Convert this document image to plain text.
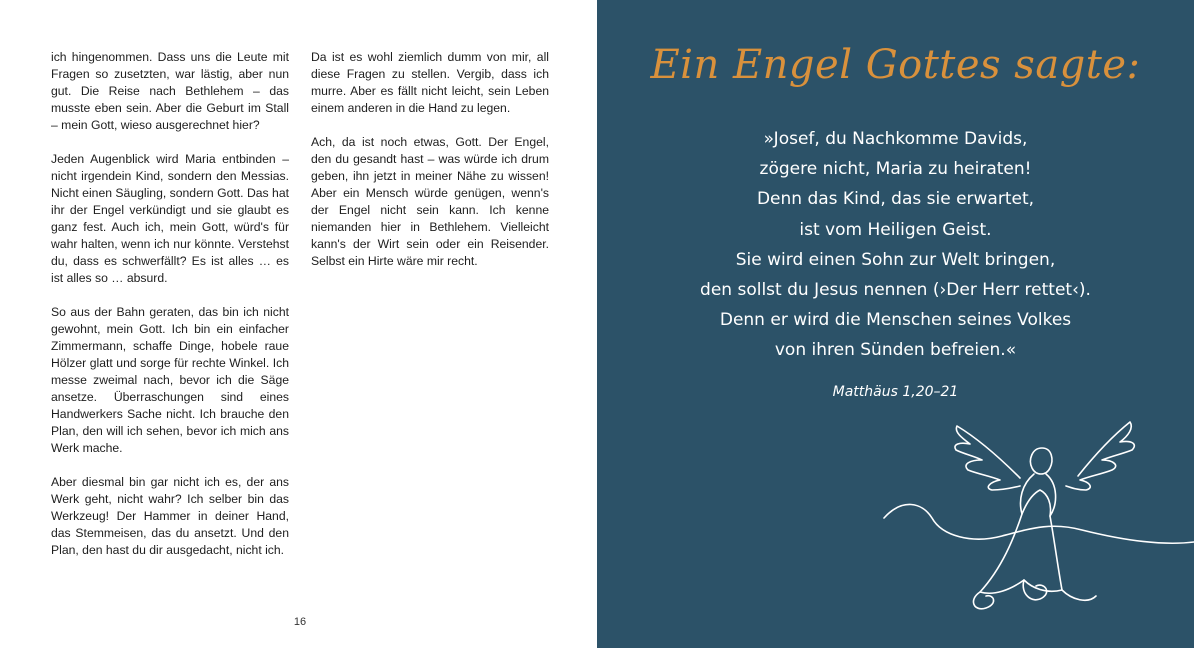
ich hingenommen. Dass uns die Leute mit Fragen so zusetzten, war lästig, aber nun gut. Die Reise nach Bethlehem – das musste eben sein. Aber die Geburt im Stall – mein Gott, wieso ausgerechnet hier?

Jeden Augenblick wird Maria entbinden – nicht irgendein Kind, sondern den Messias. Nicht einen Säugling, sondern Gott. Das hat ihr der Engel verkündigt und sie glaubt es ganz fest. Auch ich, mein Gott, würd's für wahr halten, wenn ich nur könnte. Verstehst du, dass es schwerfällt? Es ist alles … es ist alles so … absurd.

So aus der Bahn geraten, das bin ich nicht gewohnt, mein Gott. Ich bin ein einfacher Zimmermann, schaffe Dinge, hobele raue Hölzer glatt und sorge für rechte Winkel. Ich messe zweimal nach, bevor ich die Säge ansetze. Überraschungen sind eines Handwerkers Sache nicht. Ich brauche den Plan, den will ich sehen, bevor ich mich ans Werk mache.

Aber diesmal bin gar nicht ich es, der ans Werk geht, nicht wahr? Ich selber bin das Werkzeug! Der Hammer in deiner Hand, das Stemmeisen, das du ansetzt. Und den Plan, den hast du dir ausgedacht, nicht ich.

Da ist es wohl ziemlich dumm von mir, all diese Fragen zu stellen. Vergib, dass ich murre. Aber es fällt nicht leicht, sein Leben einem anderen in die Hand zu legen.

Ach, da ist noch etwas, Gott. Der Engel, den du gesandt hast – was würde ich drum geben, ihn jetzt in meiner Nähe zu wissen! Aber ein Mensch würde genügen, wenn's der Engel nicht sein kann. Ich kenne niemanden hier in Bethlehem. Vielleicht kann's der Wirt sein oder ein Reisender. Selbst ein Hirte wäre mir recht.

16
Ein Engel Gottes sagte:
»Josef, du Nachkomme Davids,
zögere nicht, Maria zu heiraten!
Denn das Kind, das sie erwartet,
ist vom Heiligen Geist.
Sie wird einen Sohn zur Welt bringen,
den sollst du Jesus nennen (›Der Herr rettet‹).
Denn er wird die Menschen seines Volkes
von ihren Sünden befreien.«
Matthäus 1,20–21
